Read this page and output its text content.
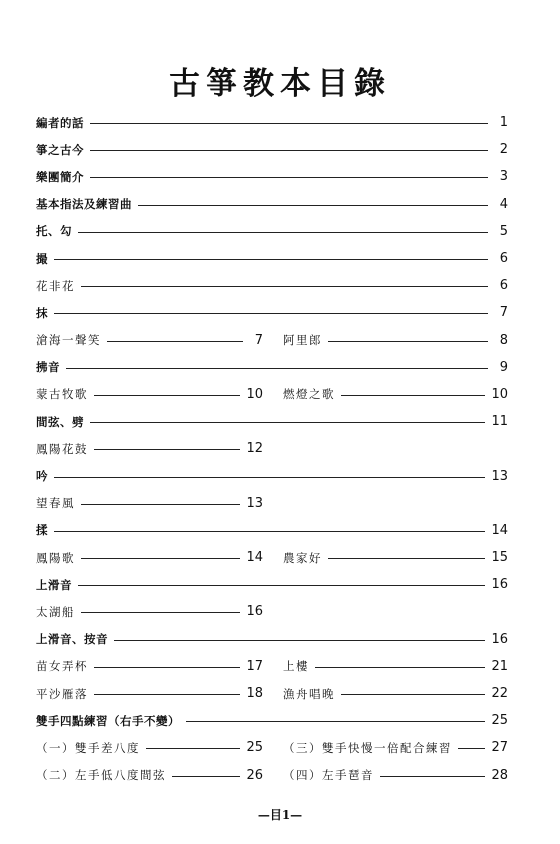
古箏教本目錄
編者的話	1
箏之古今	2
樂團簡介	3
基本指法及練習曲	4
托、勾	5
撮	6
花非花	6
抹	7
滄海一聲笑	7 阿里郎	8
拂音	9
蒙古牧歌	10 燃燈之歌	10
間弦、劈	11
鳳陽花鼓	12
吟	13
望春風	13
揉	14
鳳陽歌	14 農家好	15
上滑音	16
太湖船	16
上滑音、按音	16
苗女弄杯	17 上樓	21
平沙雁落	18 漁舟唱晚	22
雙手四點練習（右手不變）	25
（一）雙手差八度	25 （三）雙手快慢一倍配合練習	27
（二）左手低八度間弦	26 （四）左手琶音	28
—目1—
